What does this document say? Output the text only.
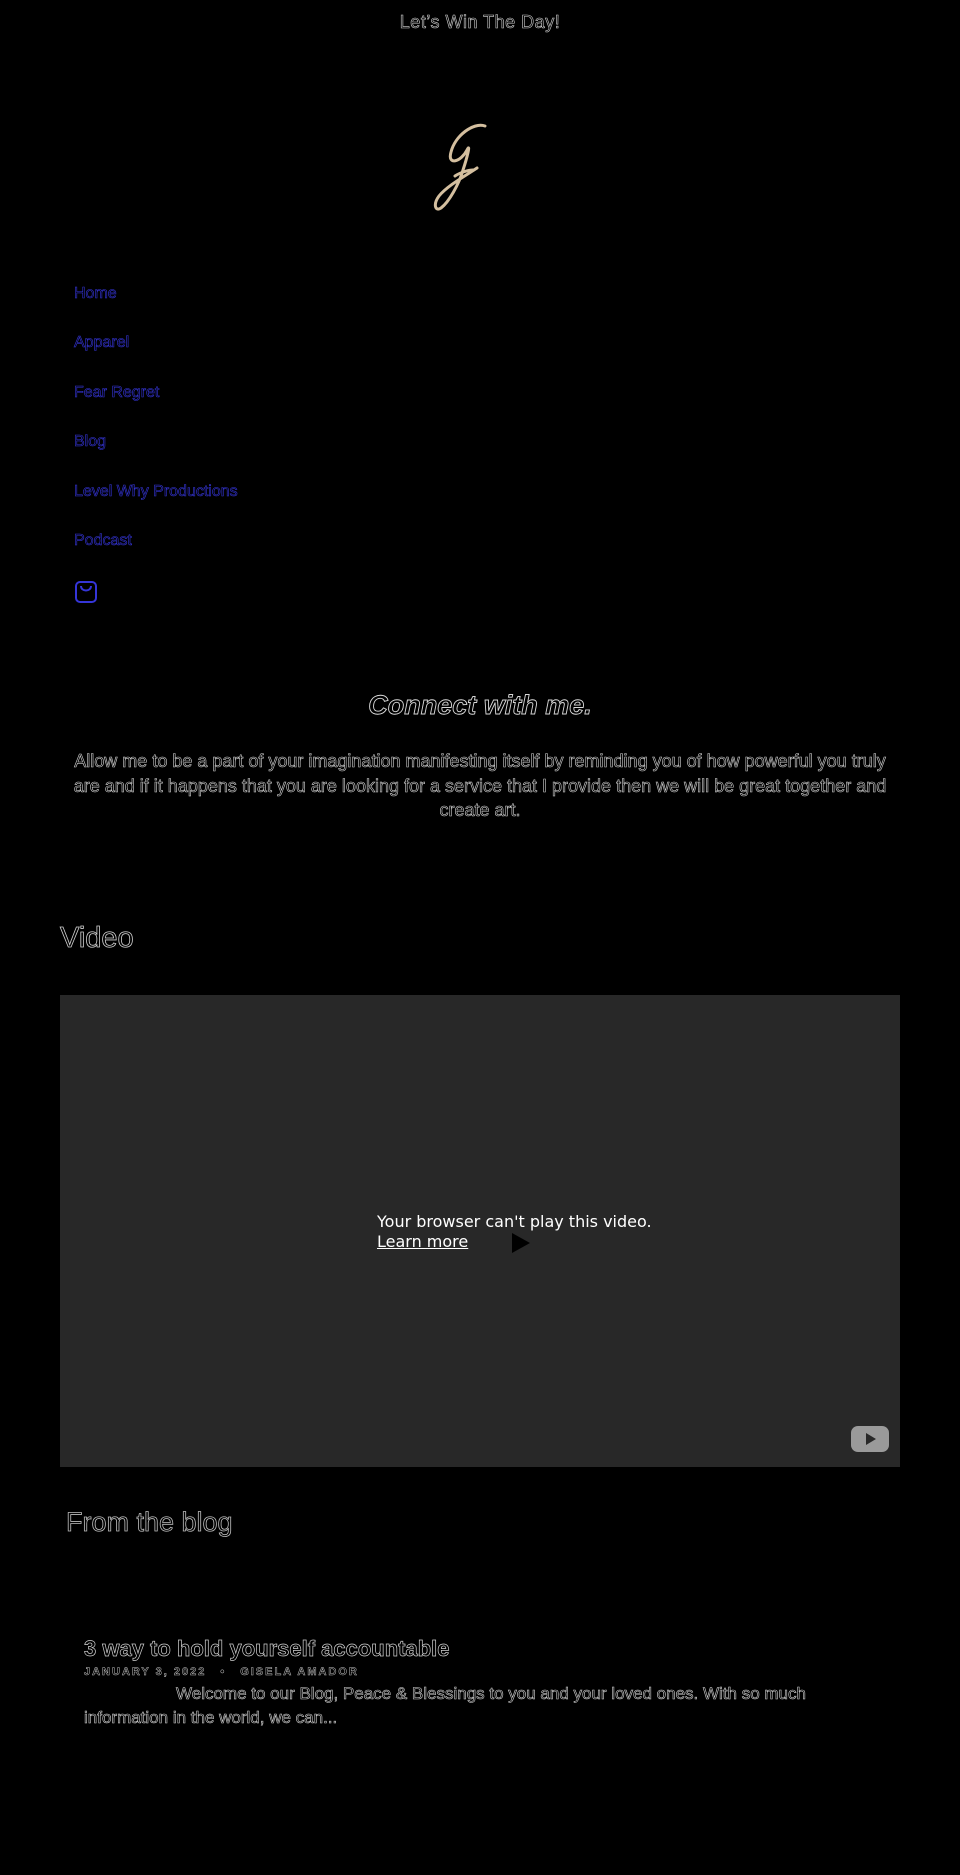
Let’s Win The Day!
Home
Apparel
Fear Regret
Blog
Level Why Productions
Podcast
Connect with me.
Allow me to be a part of your imagination manifesting itself by reminding you of how powerful you truly are and if it happens that you are looking for a service that I provide then we will be great together and create art.
Video
Your browser can't play this video.
Learn more
From the blog
3 way to hold yourself accountable
JANUARY 3, 2022 • GISELA AMADOR
Welcome to our Blog, Peace & Blessings to you and your loved ones. With so much information in the world, we can...
